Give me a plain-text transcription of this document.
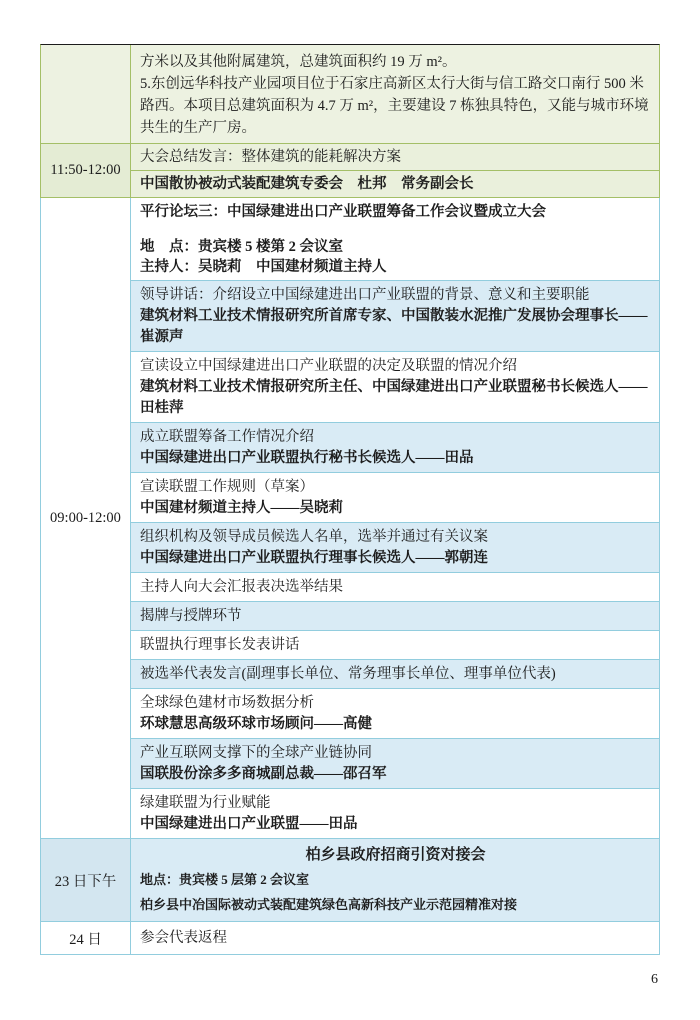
方米以及其他附属建筑，总建筑面积约 19 万 m²。

5.东创远华科技产业园项目位于石家庄高新区太行大街与信工路交口南行 500 米路西。本项目总建筑面积为 4.7 万 m²，主要建设 7 栋独具特色，又能与城市环境共生的生产厂房。

11:50-12:00
大会总结发言：整体建筑的能耗解决方案
中国散协被动式装配建筑专委会　杜邦　常务副会长
09:00-12:00
平行论坛三：中国绿建进出口产业联盟筹备工作会议暨成立大会
地　点：贵宾楼 5 楼第 2 会议室
主持人：吴晓莉　中国建材频道主持人
领导讲话：介绍设立中国绿建进出口产业联盟的背景、意义和主要职能
建筑材料工业技术情报研究所首席专家、中国散装水泥推广发展协会理事长——崔源声
宣读设立中国绿建进出口产业联盟的决定及联盟的情况介绍
建筑材料工业技术情报研究所主任、中国绿建进出口产业联盟秘书长候选人——田桂萍
成立联盟筹备工作情况介绍
中国绿建进出口产业联盟执行秘书长候选人——田品
宣读联盟工作规则（草案）
中国建材频道主持人——吴晓莉
组织机构及领导成员候选人名单，选举并通过有关议案
中国绿建进出口产业联盟执行理事长候选人——郭朝连
主持人向大会汇报表决选举结果
揭牌与授牌环节
联盟执行理事长发表讲话
被选举代表发言(副理事长单位、常务理事长单位、理事单位代表)
全球绿色建材市场数据分析
环球慧思高级环球市场顾问——高健
产业互联网支撑下的全球产业链协同
国联股份涂多多商城副总裁——邵召军
绿建联盟为行业赋能
中国绿建进出口产业联盟——田品
23 日下午
柏乡县政府招商引资对接会
地点：贵宾楼 5 层第 2 会议室
柏乡县中冶国际被动式装配建筑绿色高新科技产业示范园精准对接
24 日	参会代表返程
6
